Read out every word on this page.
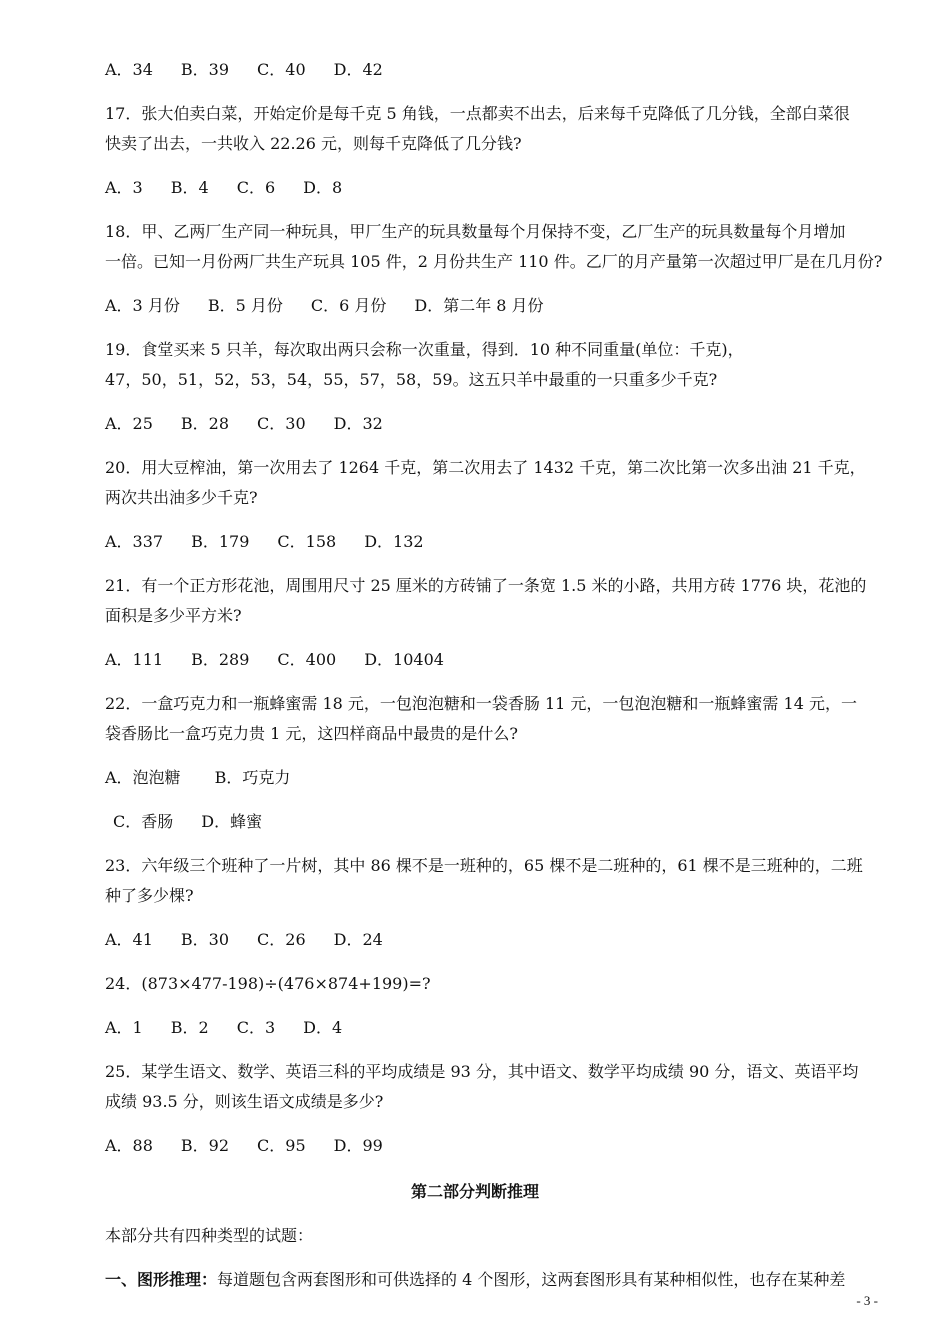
A．34 B．39 C．40 D．42
17．张大伯卖白菜，开始定价是每千克 5 角钱，一点都卖不出去，后来每千克降低了几分钱，全部白菜很
快卖了出去，一共收入 22.26 元，则每千克降低了几分钱?
A．3 B．4 C．6 D．8
18．甲、乙两厂生产同一种玩具，甲厂生产的玩具数量每个月保持不变，乙厂生产的玩具数量每个月增加
一倍。已知一月份两厂共生产玩具 105 件，2 月份共生产 110 件。乙厂的月产量第一次超过甲厂是在几月份?
A．3 月份 B．5 月份 C．6 月份 D．第二年 8 月份
19．食堂买来 5 只羊，每次取出两只会称一次重量，得到．10 种不同重量(单位：千克)，
47，50，51，52，53，54，55，57，58，59。这五只羊中最重的一只重多少千克?
A．25 B．28 C．30 D．32
20．用大豆榨油，第一次用去了 1264 千克，第二次用去了 1432 千克，第二次比第一次多出油 21 千克，
两次共出油多少千克?
A．337 B．179 C．158 D．132
21．有一个正方形花池，周围用尺寸 25 厘米的方砖铺了一条宽 1.5 米的小路，共用方砖 1776 块，花池的
面积是多少平方米?
A．111 B．289 C．400 D．10404
22．一盒巧克力和一瓶蜂蜜需 18 元，一包泡泡糖和一袋香肠 11 元，一包泡泡糖和一瓶蜂蜜需 14 元，一
袋香肠比一盒巧克力贵 1 元，这四样商品中最贵的是什么?
A．泡泡糖 B．巧克力
C．香肠 D．蜂蜜
23．六年级三个班种了一片树，其中 86 棵不是一班种的，65 棵不是二班种的，61 棵不是三班种的，二班
种了多少棵?
A．41 B．30 C．26 D．24
24．(873×477-198)÷(476×874+199)=?
A．1 B．2 C．3 D．4
25．某学生语文、数学、英语三科的平均成绩是 93 分，其中语文、数学平均成绩 90 分，语文、英语平均
成绩 93.5 分，则该生语文成绩是多少?
A．88 B．92 C．95 D．99
第二部分判断推理
本部分共有四种类型的试题：
一、图形推理：每道题包含两套图形和可供选择的 4 个图形，这两套图形具有某种相似性，也存在某种差
- 3 -
